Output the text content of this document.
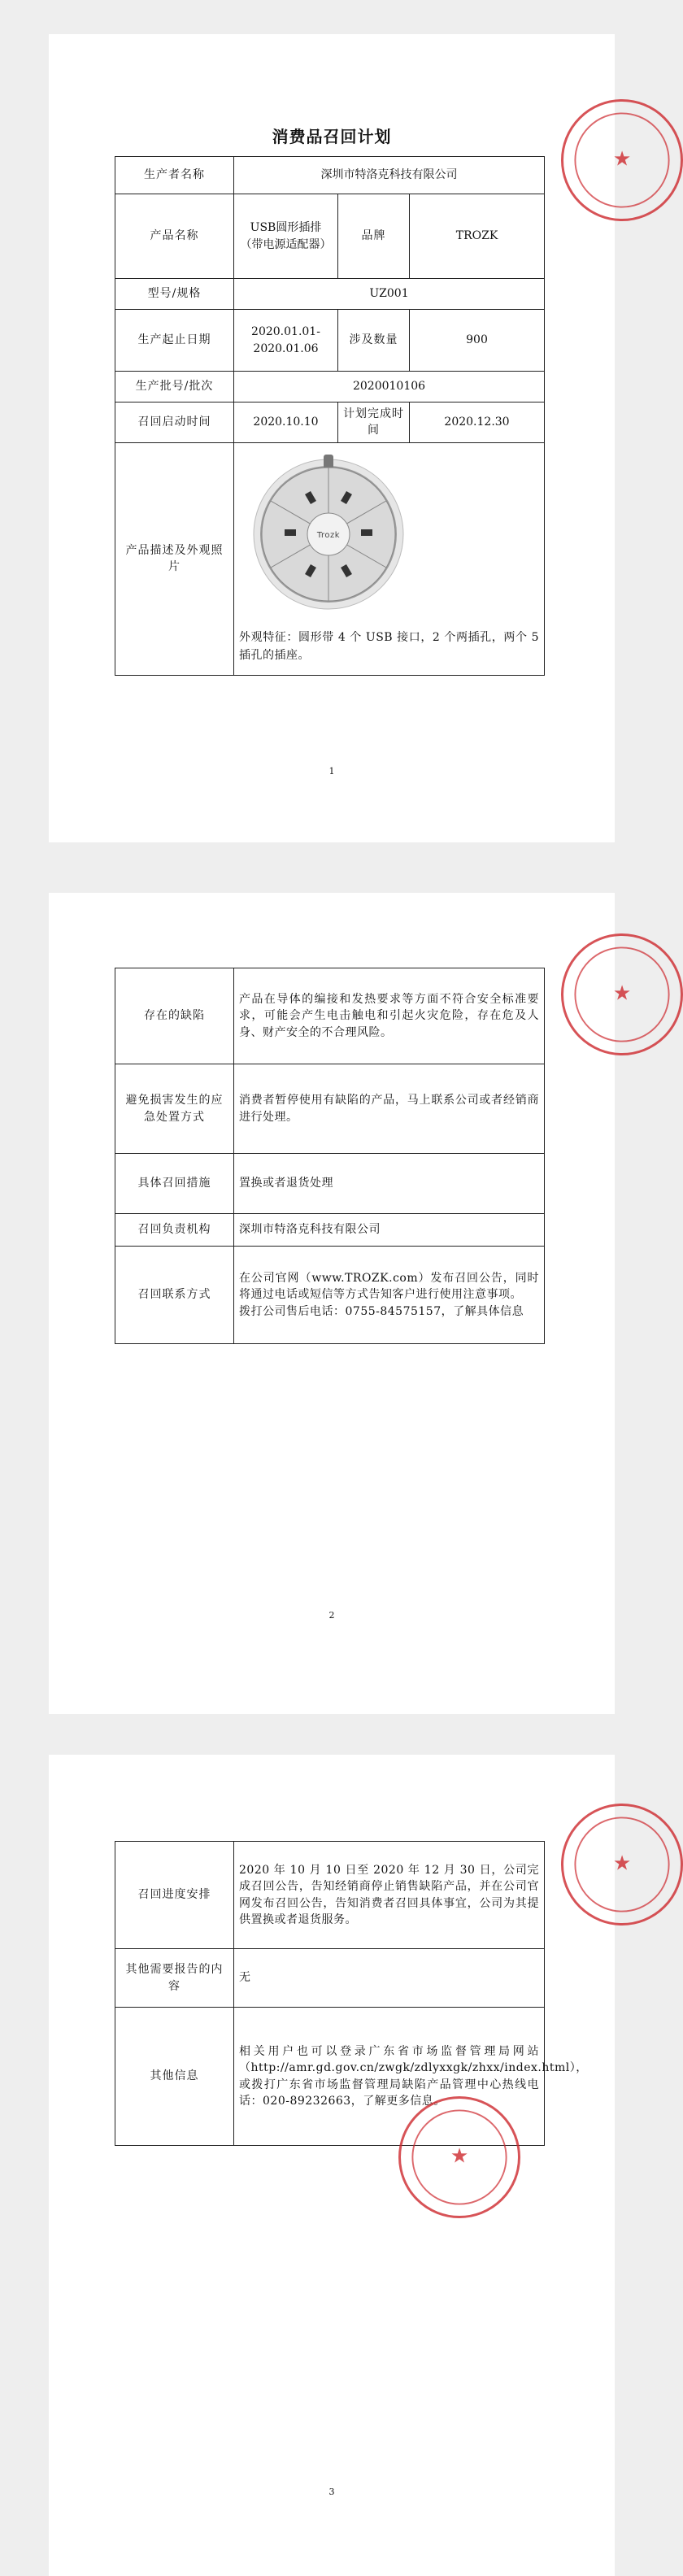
消费品召回计划
生产者名称	深圳市特洛克科技有限公司		
产品名称	USB圆形插排（带电源适配器）	品牌	TROZK
型号/规格	UZ001		
生产起止日期	2020.01.01-2020.01.06	涉及数量	900
生产批号/批次	2020010106		
召回启动时间	2020.10.10	计划完成时间	2020.12.30
产品描述及外观照片	Trozk
外观特征：圆形带 4 个 USB 接口，2 个两插孔，两个 5 插孔的插座。		
★
1
存在的缺陷	产品在导体的编接和发热要求等方面不符合安全标准要求，可能会产生电击触电和引起火灾危险，存在危及人身、财产安全的不合理风险。
避免损害发生的应急处置方式	消费者暂停使用有缺陷的产品，马上联系公司或者经销商进行处理。
具体召回措施	置换或者退货处理
召回负责机构	深圳市特洛克科技有限公司
召回联系方式	在公司官网（www.TROZK.com）发布召回公告，同时将通过电话或短信等方式告知客户进行使用注意事项。
拨打公司售后电话：0755-84575157，了解具体信息
★
2
召回进度安排	2020 年 10 月 10 日至 2020 年 12 月 30 日，公司完成召回公告，告知经销商停止销售缺陷产品，并在公司官网发布召回公告，告知消费者召回具体事宜，公司为其提供置换或者退货服务。
其他需要报告的内容	无
其他信息	相关用户也可以登录广东省市场监督管理局网站（http://amr.gd.gov.cn/zwgk/zdlyxxgk/zhxx/index.html），或拨打广东省市场监督管理局缺陷产品管理中心热线电话：020-89232663，了解更多信息。
★
★
3
